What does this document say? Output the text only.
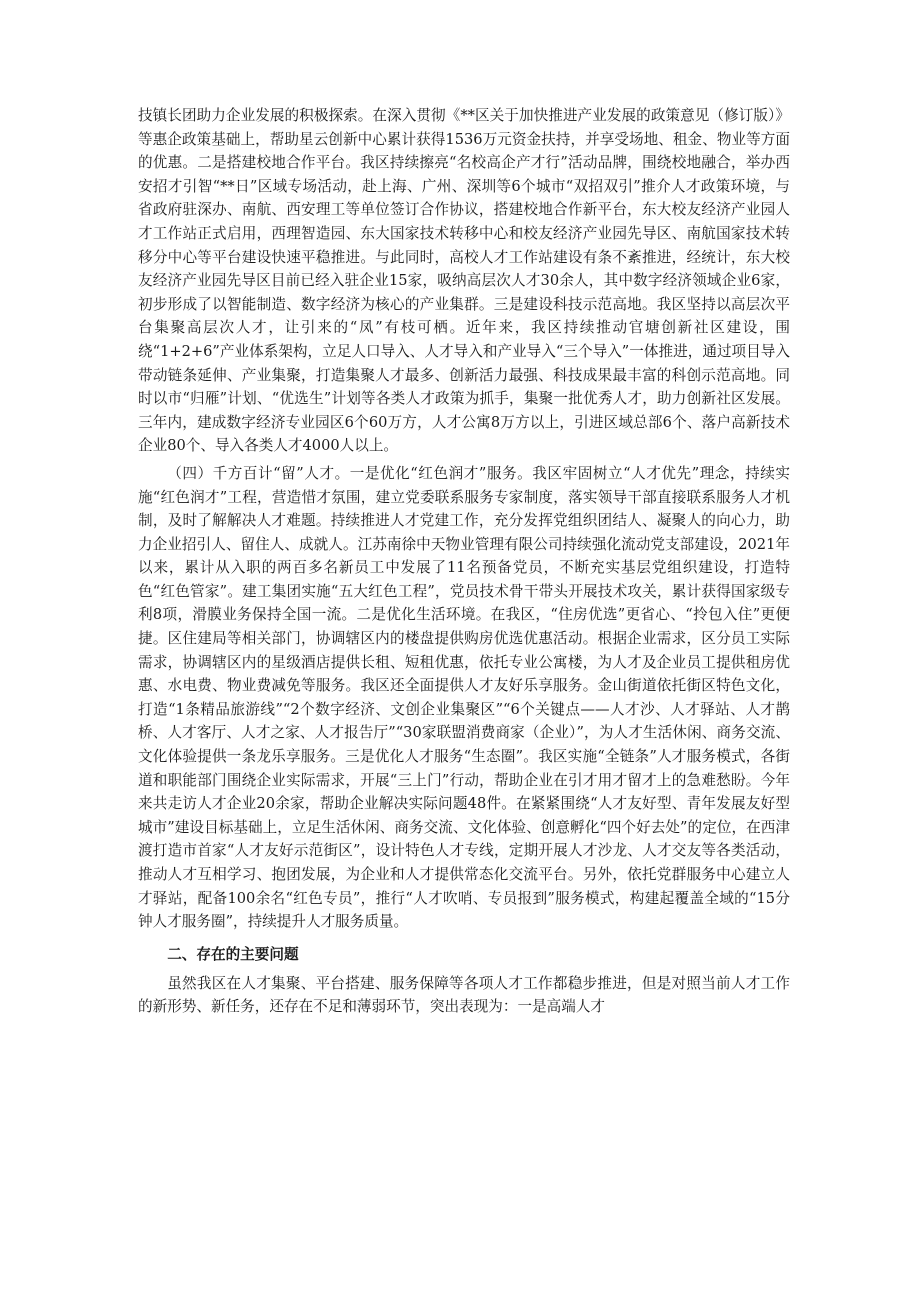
技镇长团助力企业发展的积极探索。在深入贯彻《**区关于加快推进产业发展的政策意见（修订版）》等惠企政策基础上，帮助星云创新中心累计获得1536万元资金扶持，并享受场地、租金、物业等方面的优惠。二是搭建校地合作平台。我区持续擦亮“名校高企产才行”活动品牌，围绕校地融合，举办西安招才引智“**日”区域专场活动，赴上海、广州、深圳等6个城市“双招双引”推介人才政策环境，与省政府驻深办、南航、西安理工等单位签订合作协议，搭建校地合作新平台，东大校友经济产业园人才工作站正式启用，西理智造园、东大国家技术转移中心和校友经济产业园先导区、南航国家技术转移分中心等平台建设快速平稳推进。与此同时，高校人才工作站建设有条不紊推进，经统计，东大校友经济产业园先导区目前已经入驻企业15家，吸纳高层次人才30余人，其中数字经济领域企业6家，初步形成了以智能制造、数字经济为核心的产业集群。三是建设科技示范高地。我区坚持以高层次平台集聚高层次人才，让引来的“凤”有枝可栖。近年来，我区持续推动官塘创新社区建设，围绕“1+2+6”产业体系架构，立足人口导入、人才导入和产业导入“三个导入”一体推进，通过项目导入带动链条延伸、产业集聚，打造集聚人才最多、创新活力最强、科技成果最丰富的科创示范高地。同时以市“归雁”计划、“优选生”计划等各类人才政策为抓手，集聚一批优秀人才，助力创新社区发展。三年内，建成数字经济专业园区6个60万方，人才公寓8万方以上，引进区域总部6个、落户高新技术企业80个、导入各类人才4000人以上。

（四）千方百计“留”人才。一是优化“红色润才”服务。我区牢固树立“人才优先”理念，持续实施“红色润才”工程，营造惜才氛围，建立党委联系服务专家制度，落实领导干部直接联系服务人才机制，及时了解解决人才难题。持续推进人才党建工作，充分发挥党组织团结人、凝聚人的向心力，助力企业招引人、留住人、成就人。江苏南徐中天物业管理有限公司持续强化流动党支部建设，2021年以来，累计从入职的两百多名新员工中发展了11名预备党员，不断充实基层党组织建设，打造特色“红色管家”。建工集团实施“五大红色工程”，党员技术骨干带头开展技术攻关，累计获得国家级专利8项，滑膜业务保持全国一流。二是优化生活环境。在我区，“住房优选”更省心、“拎包入住”更便捷。区住建局等相关部门，协调辖区内的楼盘提供购房优选优惠活动。根据企业需求，区分员工实际需求，协调辖区内的星级酒店提供长租、短租优惠，依托专业公寓楼，为人才及企业员工提供租房优惠、水电费、物业费减免等服务。我区还全面提供人才友好乐享服务。金山街道依托街区特色文化，打造“1条精品旅游线”“2个数字经济、文创企业集聚区”“6个关键点——人才沙、人才驿站、人才鹊桥、人才客厅、人才之家、人才报告厅”“30家联盟消费商家（企业）”，为人才生活休闲、商务交流、文化体验提供一条龙乐享服务。三是优化人才服务“生态圈”。我区实施“全链条”人才服务模式，各街道和职能部门围绕企业实际需求，开展“三上门”行动，帮助企业在引才用才留才上的急难愁盼。今年来共走访人才企业20余家，帮助企业解决实际问题48件。在紧紧围绕“人才友好型、青年发展友好型城市”建设目标基础上，立足生活休闲、商务交流、文化体验、创意孵化“四个好去处”的定位，在西津渡打造市首家“人才友好示范街区”，设计特色人才专线，定期开展人才沙龙、人才交友等各类活动，推动人才互相学习、抱团发展，为企业和人才提供常态化交流平台。另外，依托党群服务中心建立人才驿站，配备100余名“红色专员”，推行“人才吹哨、专员报到”服务模式，构建起覆盖全域的“15分钟人才服务圈”，持续提升人才服务质量。

二、存在的主要问题

虽然我区在人才集聚、平台搭建、服务保障等各项人才工作都稳步推进，但是对照当前人才工作的新形势、新任务，还存在不足和薄弱环节，突出表现为：一是高端人才
